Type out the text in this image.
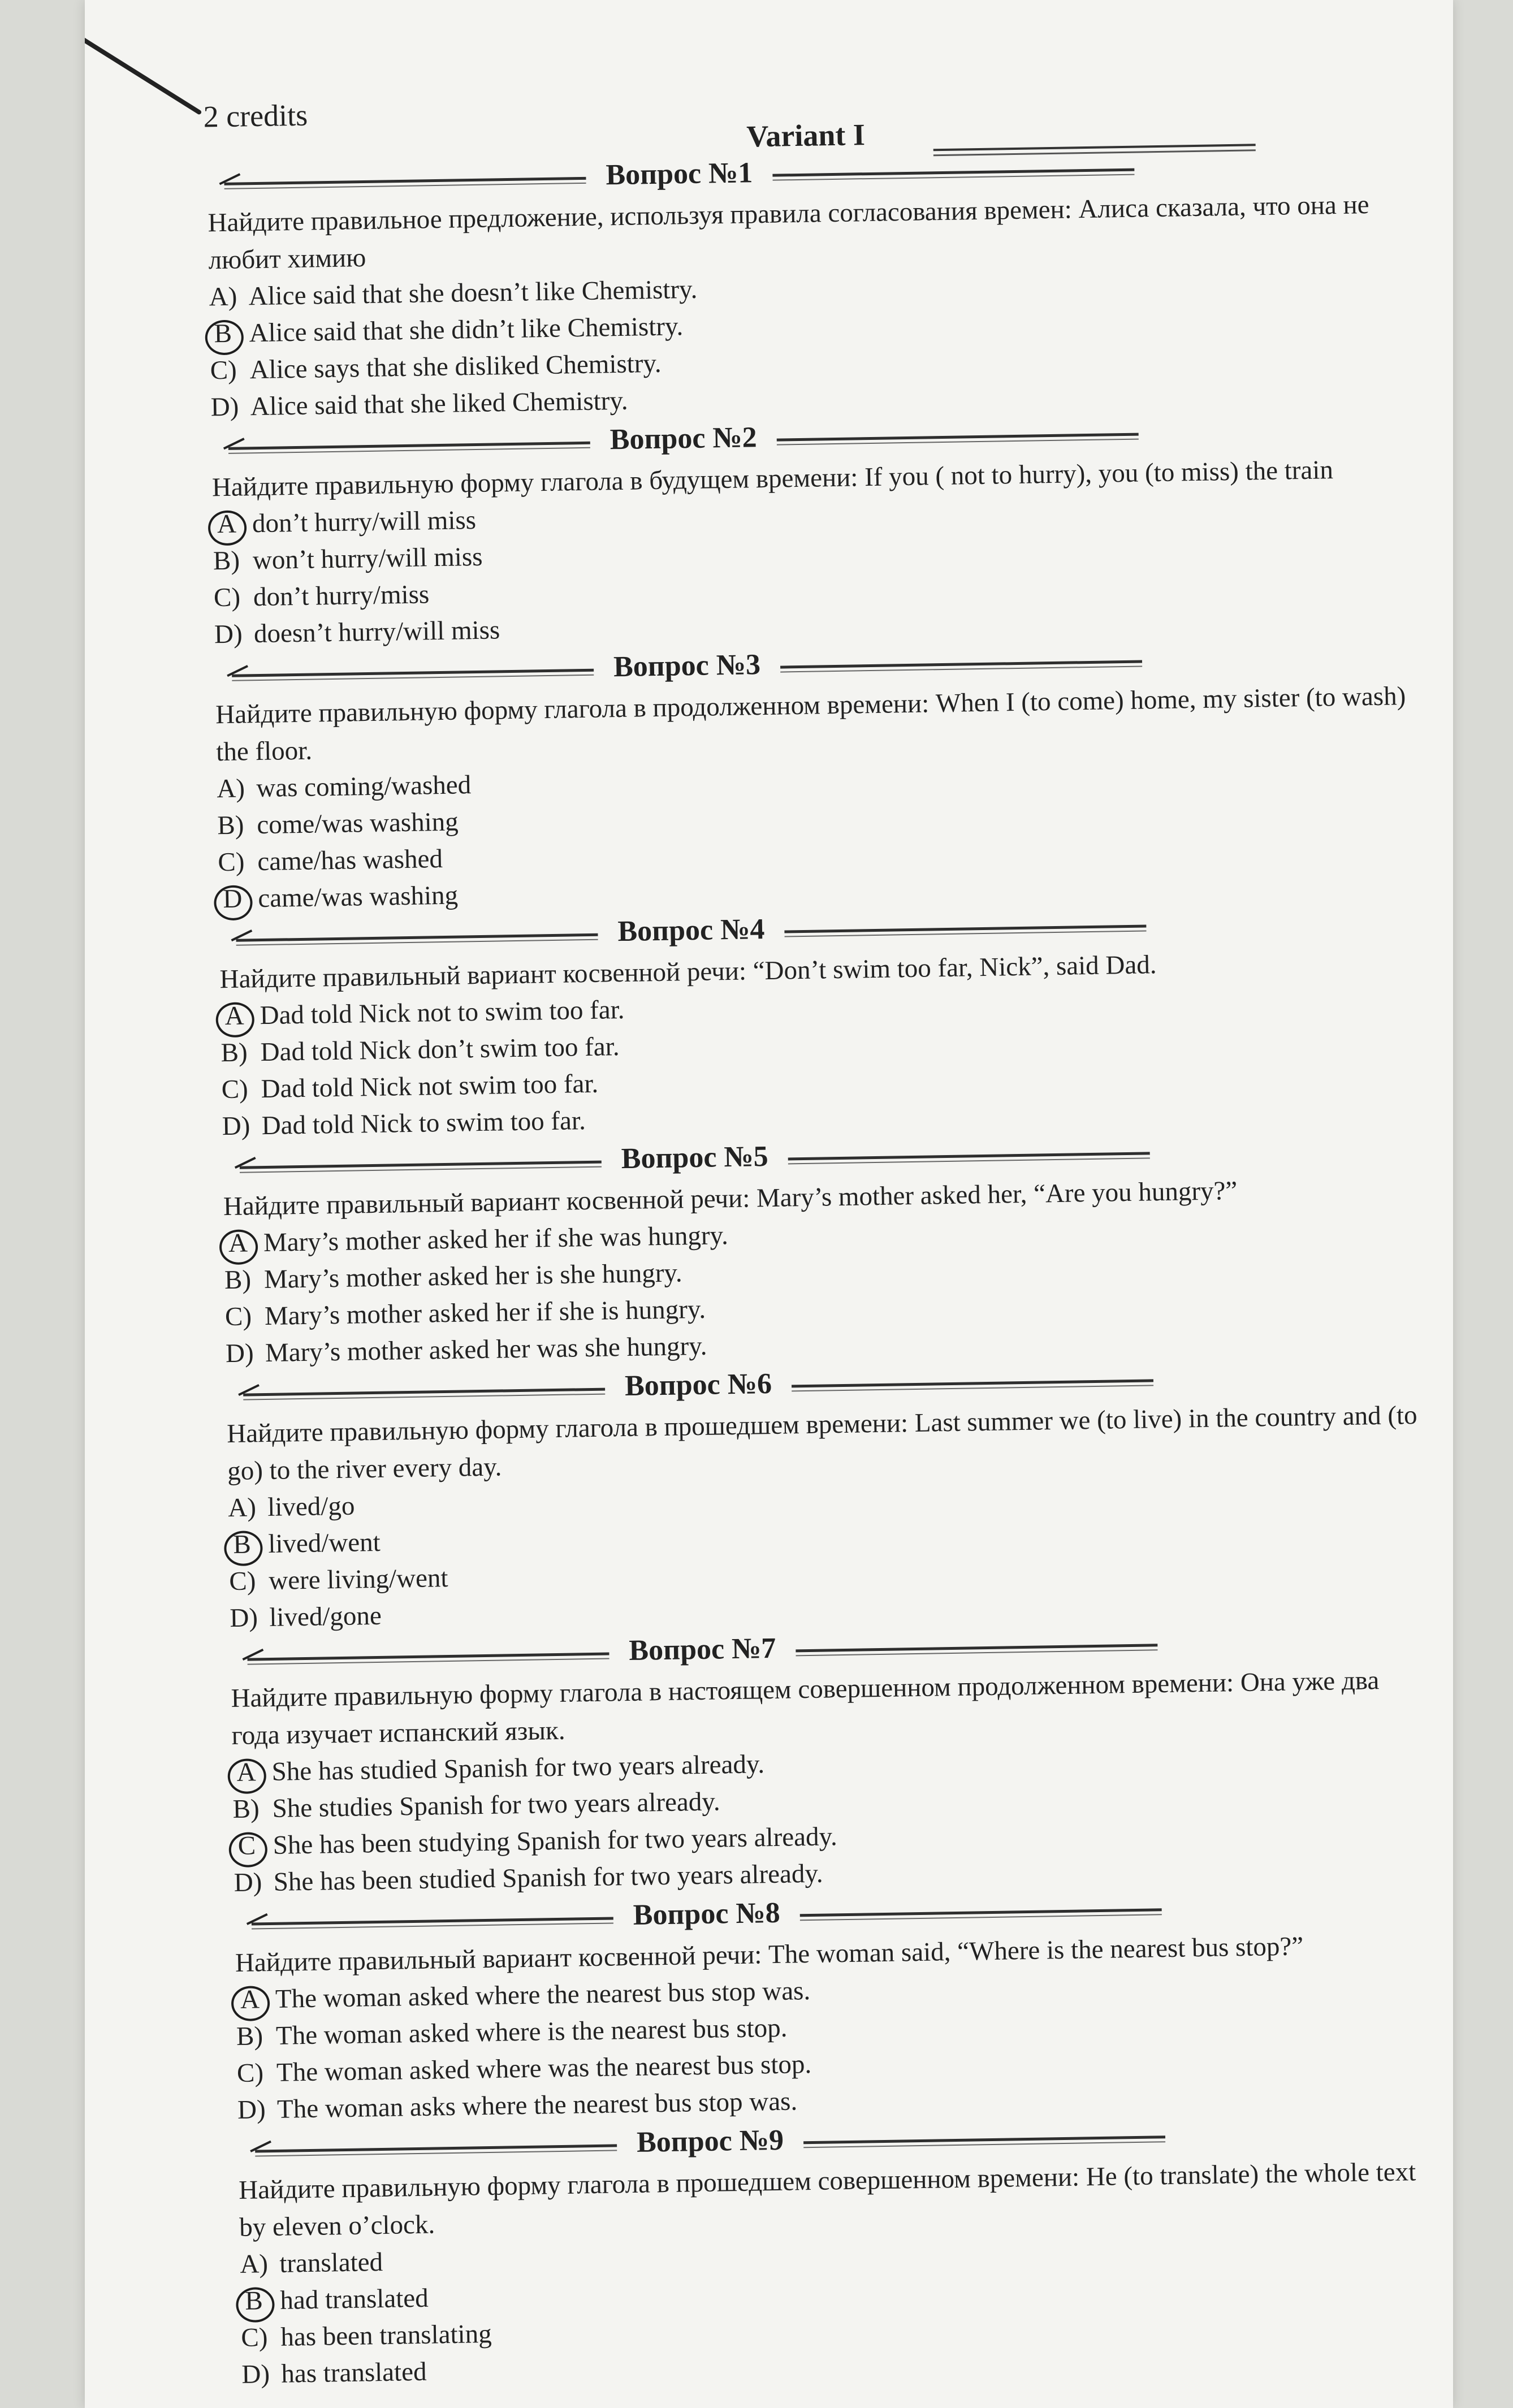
2 credits
Variant I
Вопрос №1

Найдите правильное предложение, используя правила согласования времен: Алиса сказала, что она не любит химию

A) Alice said that she doesn’t like Chemistry.
B Alice said that she didn’t like Chemistry.
C) Alice says that she disliked Chemistry.
D) Alice said that she liked Chemistry.
Вопрос №2

Найдите правильную форму глагола в будущем времени: If you ( not to hurry), you (to miss) the train

A don’t hurry/will miss
B) won’t hurry/will miss
C) don’t hurry/miss
D) doesn’t hurry/will miss
Вопрос №3

Найдите правильную форму глагола в продолженном времени: When I (to come) home, my sister (to wash) the floor.

A) was coming/washed
B) come/was washing
C) came/has washed
D came/was washing
Вопрос №4

Найдите правильный вариант косвенной речи: “Don’t swim too far, Nick”, said Dad.

A Dad told Nick not to swim too far.
B) Dad told Nick don’t swim too far.
C) Dad told Nick not swim too far.
D) Dad told Nick to swim too far.
Вопрос №5

Найдите правильный вариант косвенной речи: Mary’s mother asked her, “Are you hungry?”

A Mary’s mother asked her if she was hungry.
B) Mary’s mother asked her is she hungry.
C) Mary’s mother asked her if she is hungry.
D) Mary’s mother asked her was she hungry.
Вопрос №6

Найдите правильную форму глагола в прошедшем времени: Last summer we (to live) in the country and (to go) to the river every day.

A) lived/go
B lived/went
C) were living/went
D) lived/gone
Вопрос №7

Найдите правильную форму глагола в настоящем совершенном продолженном времени: Она уже два года изучает испанский язык.

A She has studied Spanish for two years already.
B) She studies Spanish for two years already.
C She has been studying Spanish for two years already.
D) She has been studied Spanish for two years already.
Вопрос №8

Найдите правильный вариант косвенной речи: The woman said, “Where is the nearest bus stop?”

A The woman asked where the nearest bus stop was.
B) The woman asked where is the nearest bus stop.
C) The woman asked where was the nearest bus stop.
D) The woman asks where the nearest bus stop was.
Вопрос №9

Найдите правильную форму глагола в прошедшем совершенном времени: He (to translate) the whole text by eleven o’clock.

A) translated
B had translated
C) has been translating
D) has translated
